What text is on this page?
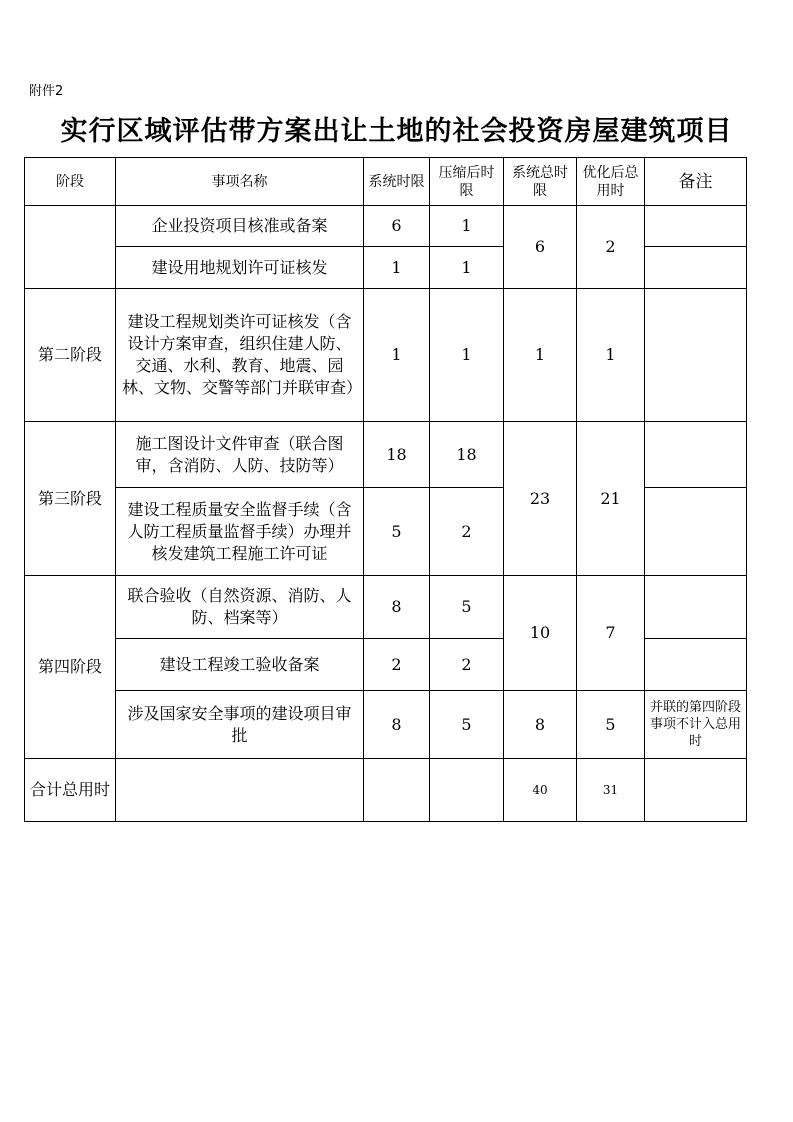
附件2
实行区域评估带方案出让土地的社会投资房屋建筑项目
阶段	事项名称	系统时限	压缩后时限	系统总时限	优化后总用时	备注
	企业投资项目核准或备案	6	1	6	2	
	建设用地规划许可证核发	1	1			
第二阶段	建设工程规划类许可证核发（含设计方案审查，组织住建人防、交通、水利、教育、地震、园林、文物、交警等部门并联审查）	1	1	1	1	
第三阶段	施工图设计文件审查（联合图审，含消防、人防、技防等）	18	18	23	21	
	建设工程质量安全监督手续（含人防工程质量监督手续）办理并核发建筑工程施工许可证	5	2			
第四阶段	联合验收（自然资源、消防、人防、档案等）	8	5	10	7	
	建设工程竣工验收备案	2	2			
	涉及国家安全事项的建设项目审批	8	5	8	5	并联的第四阶段事项不计入总用时
合计总用时				40	31	
